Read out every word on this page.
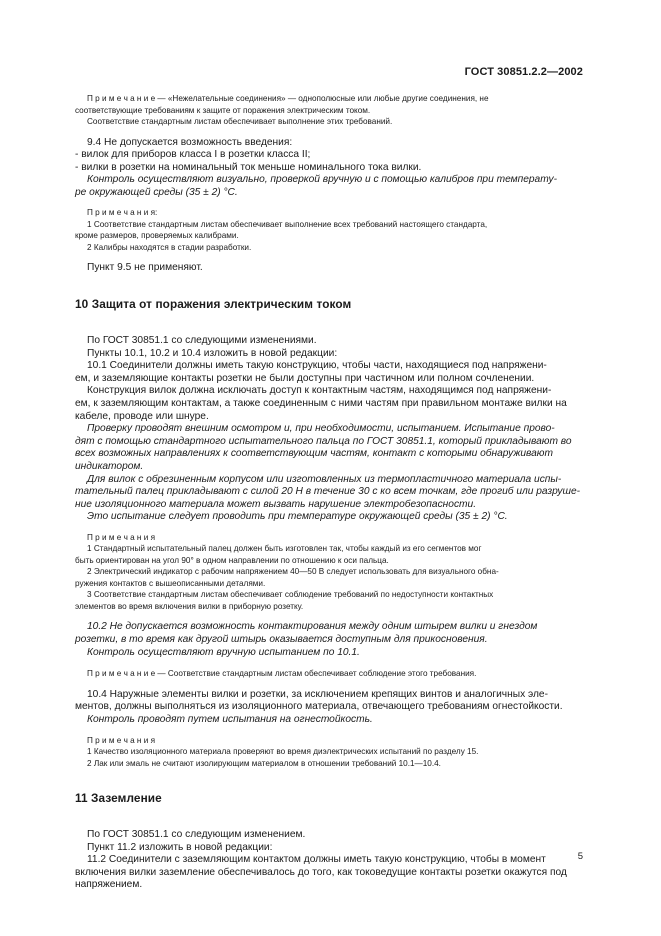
ГОСТ 30851.2.2—2002
П р и м е ч а н и е — «Нежелательные соединения» — однополюсные или любые другие соединения, не
соответствующие требованиям к защите от поражения электрическим током.
Соответствие стандартным листам обеспечивает выполнение этих требований.
9.4 Не допускается возможность введения:
- вилок для приборов класса I в розетки класса II;
- вилки в розетки на номинальный ток меньше номинального тока вилки.
Контроль осуществляют визуально, проверкой вручную и с помощью калибров при температу-
ре окружающей среды (35 ± 2) °С.
П р и м е ч а н и я:
1 Соответствие стандартным листам обеспечивает выполнение всех требований настоящего стандарта,
кроме размеров, проверяемых калибрами.
2 Калибры находятся в стадии разработки.
Пункт 9.5 не применяют.
10 Защита от поражения электрическим током
По ГОСТ 30851.1 со следующими изменениями.
Пункты 10.1, 10.2 и 10.4 изложить в новой редакции:
10.1 Соединители должны иметь такую конструкцию, чтобы части, находящиеся под напряжени-
ем, и заземляющие контакты розетки не были доступны при частичном или полном сочленении.
Конструкция вилок должна исключать доступ к контактным частям, находящимся под напряжени-
ем, к заземляющим контактам, а также соединенным с ними частям при правильном монтаже вилки на
кабеле, проводе или шнуре.
Проверку проводят внешним осмотром и, при необходимости, испытанием. Испытание прово-
дят с помощью стандартного испытательного пальца по ГОСТ 30851.1, который прикладывают во
всех возможных направлениях к соответствующим частям, контакт с которыми обнаруживают
индикатором.
Для вилок с обрезиненным корпусом или изготовленных из термопластичного материала испы-
тательный палец прикладывают с силой 20 Н в течение 30 с ко всем точкам, где прогиб или разруше-
ние изоляционного материала может вызвать нарушение электробезопасности.
Это испытание следует проводить при температуре окружающей среды (35 ± 2) °С.
П р и м е ч а н и я
1 Стандартный испытательный палец должен быть изготовлен так, чтобы каждый из его сегментов мог
быть ориентирован на угол 90° в одном направлении по отношению к оси пальца.
2 Электрический индикатор с рабочим напряжением 40—50 В следует использовать для визуального обна-
ружения контактов с вышеописанными деталями.
3 Соответствие стандартным листам обеспечивает соблюдение требований по недоступности контактных
элементов во время включения вилки в приборную розетку.
10.2 Не допускается возможность контактирования между одним штырем вилки и гнездом
розетки, в то время как другой штырь оказывается доступным для прикосновения.
Контроль осуществляют вручную испытанием по 10.1.
П р и м е ч а н и е — Соответствие стандартным листам обеспечивает соблюдение этого требования.
10.4 Наружные элементы вилки и розетки, за исключением крепящих винтов и аналогичных эле-
ментов, должны выполняться из изоляционного материала, отвечающего требованиям огнестойкости.
Контроль проводят путем испытания на огнестойкость.
П р и м е ч а н и я
1 Качество изоляционного материала проверяют во время диэлектрических испытаний по разделу 15.
2 Лак или эмаль не считают изолирующим материалом в отношении требований 10.1—10.4.
11 Заземление
По ГОСТ 30851.1 со следующим изменением.
Пункт 11.2 изложить в новой редакции:
11.2 Соединители с заземляющим контактом должны иметь такую конструкцию, чтобы в момент
включения вилки заземление обеспечивалось до того, как токоведущие контакты розетки окажутся под
напряжением.
5
